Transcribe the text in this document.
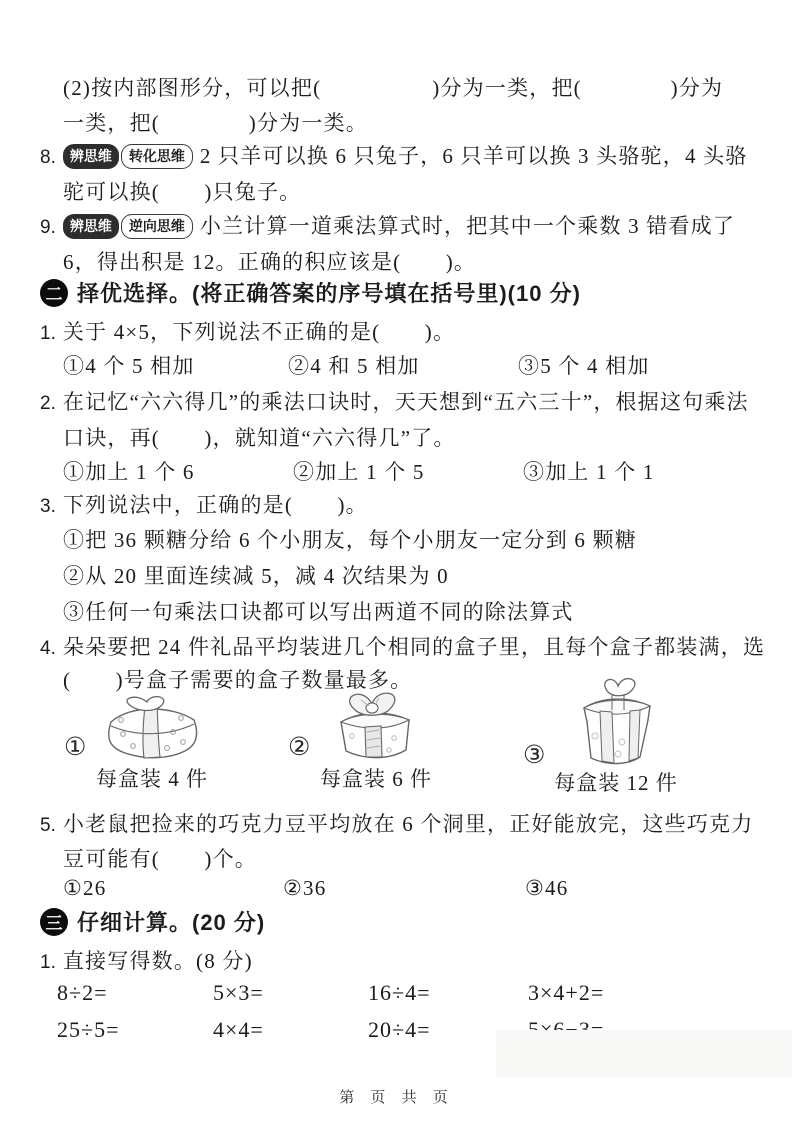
(2)按内部图形分，可以把(　　　　　)分为一类，把(　　　　)分为
一类，把(　　　　)分为一类。
8. 辨思维 转化思维 2 只羊可以换 6 只兔子，6 只羊可以换 3 头骆驼，4 头骆
驼可以换(　　)只兔子。
9. 辨思维 逆向思维 小兰计算一道乘法算式时，把其中一个乘数 3 错看成了
6，得出积是 12。正确的积应该是(　　)。
二 择优选择。(将正确答案的序号填在括号里)(10 分)
1. 关于 4×5，下列说法不正确的是(　　)。
①4 个 5 相加	②4 和 5 相加	③5 个 4 相加
2. 在记忆“六六得几”的乘法口诀时，天天想到“五六三十”，根据这句乘法
口诀，再(　　)，就知道“六六得几”了。
①加上 1 个 6	②加上 1 个 5	③加上 1 个 1
3. 下列说法中，正确的是(　　)。
①把 36 颗糖分给 6 个小朋友，每个小朋友一定分到 6 颗糖
②从 20 里面连续减 5，减 4 次结果为 0
③任何一句乘法口诀都可以写出两道不同的除法算式
4. 朵朵要把 24 件礼品平均装进几个相同的盒子里，且每个盒子都装满，选
(　　)号盒子需要的盒子数量最多。
①
每盒装 4 件
②
每盒装 6 件
③
每盒装 12 件
5. 小老鼠把捡来的巧克力豆平均放在 6 个洞里，正好能放完，这些巧克力
豆可能有(　　)个。
①26	②36	③46
三 仔细计算。(20 分)
1. 直接写得数。(8 分)
8÷2=	5×3=	16÷4=	3×4+2=
25÷5=	4×4=	20÷4=
第 页 共 页
